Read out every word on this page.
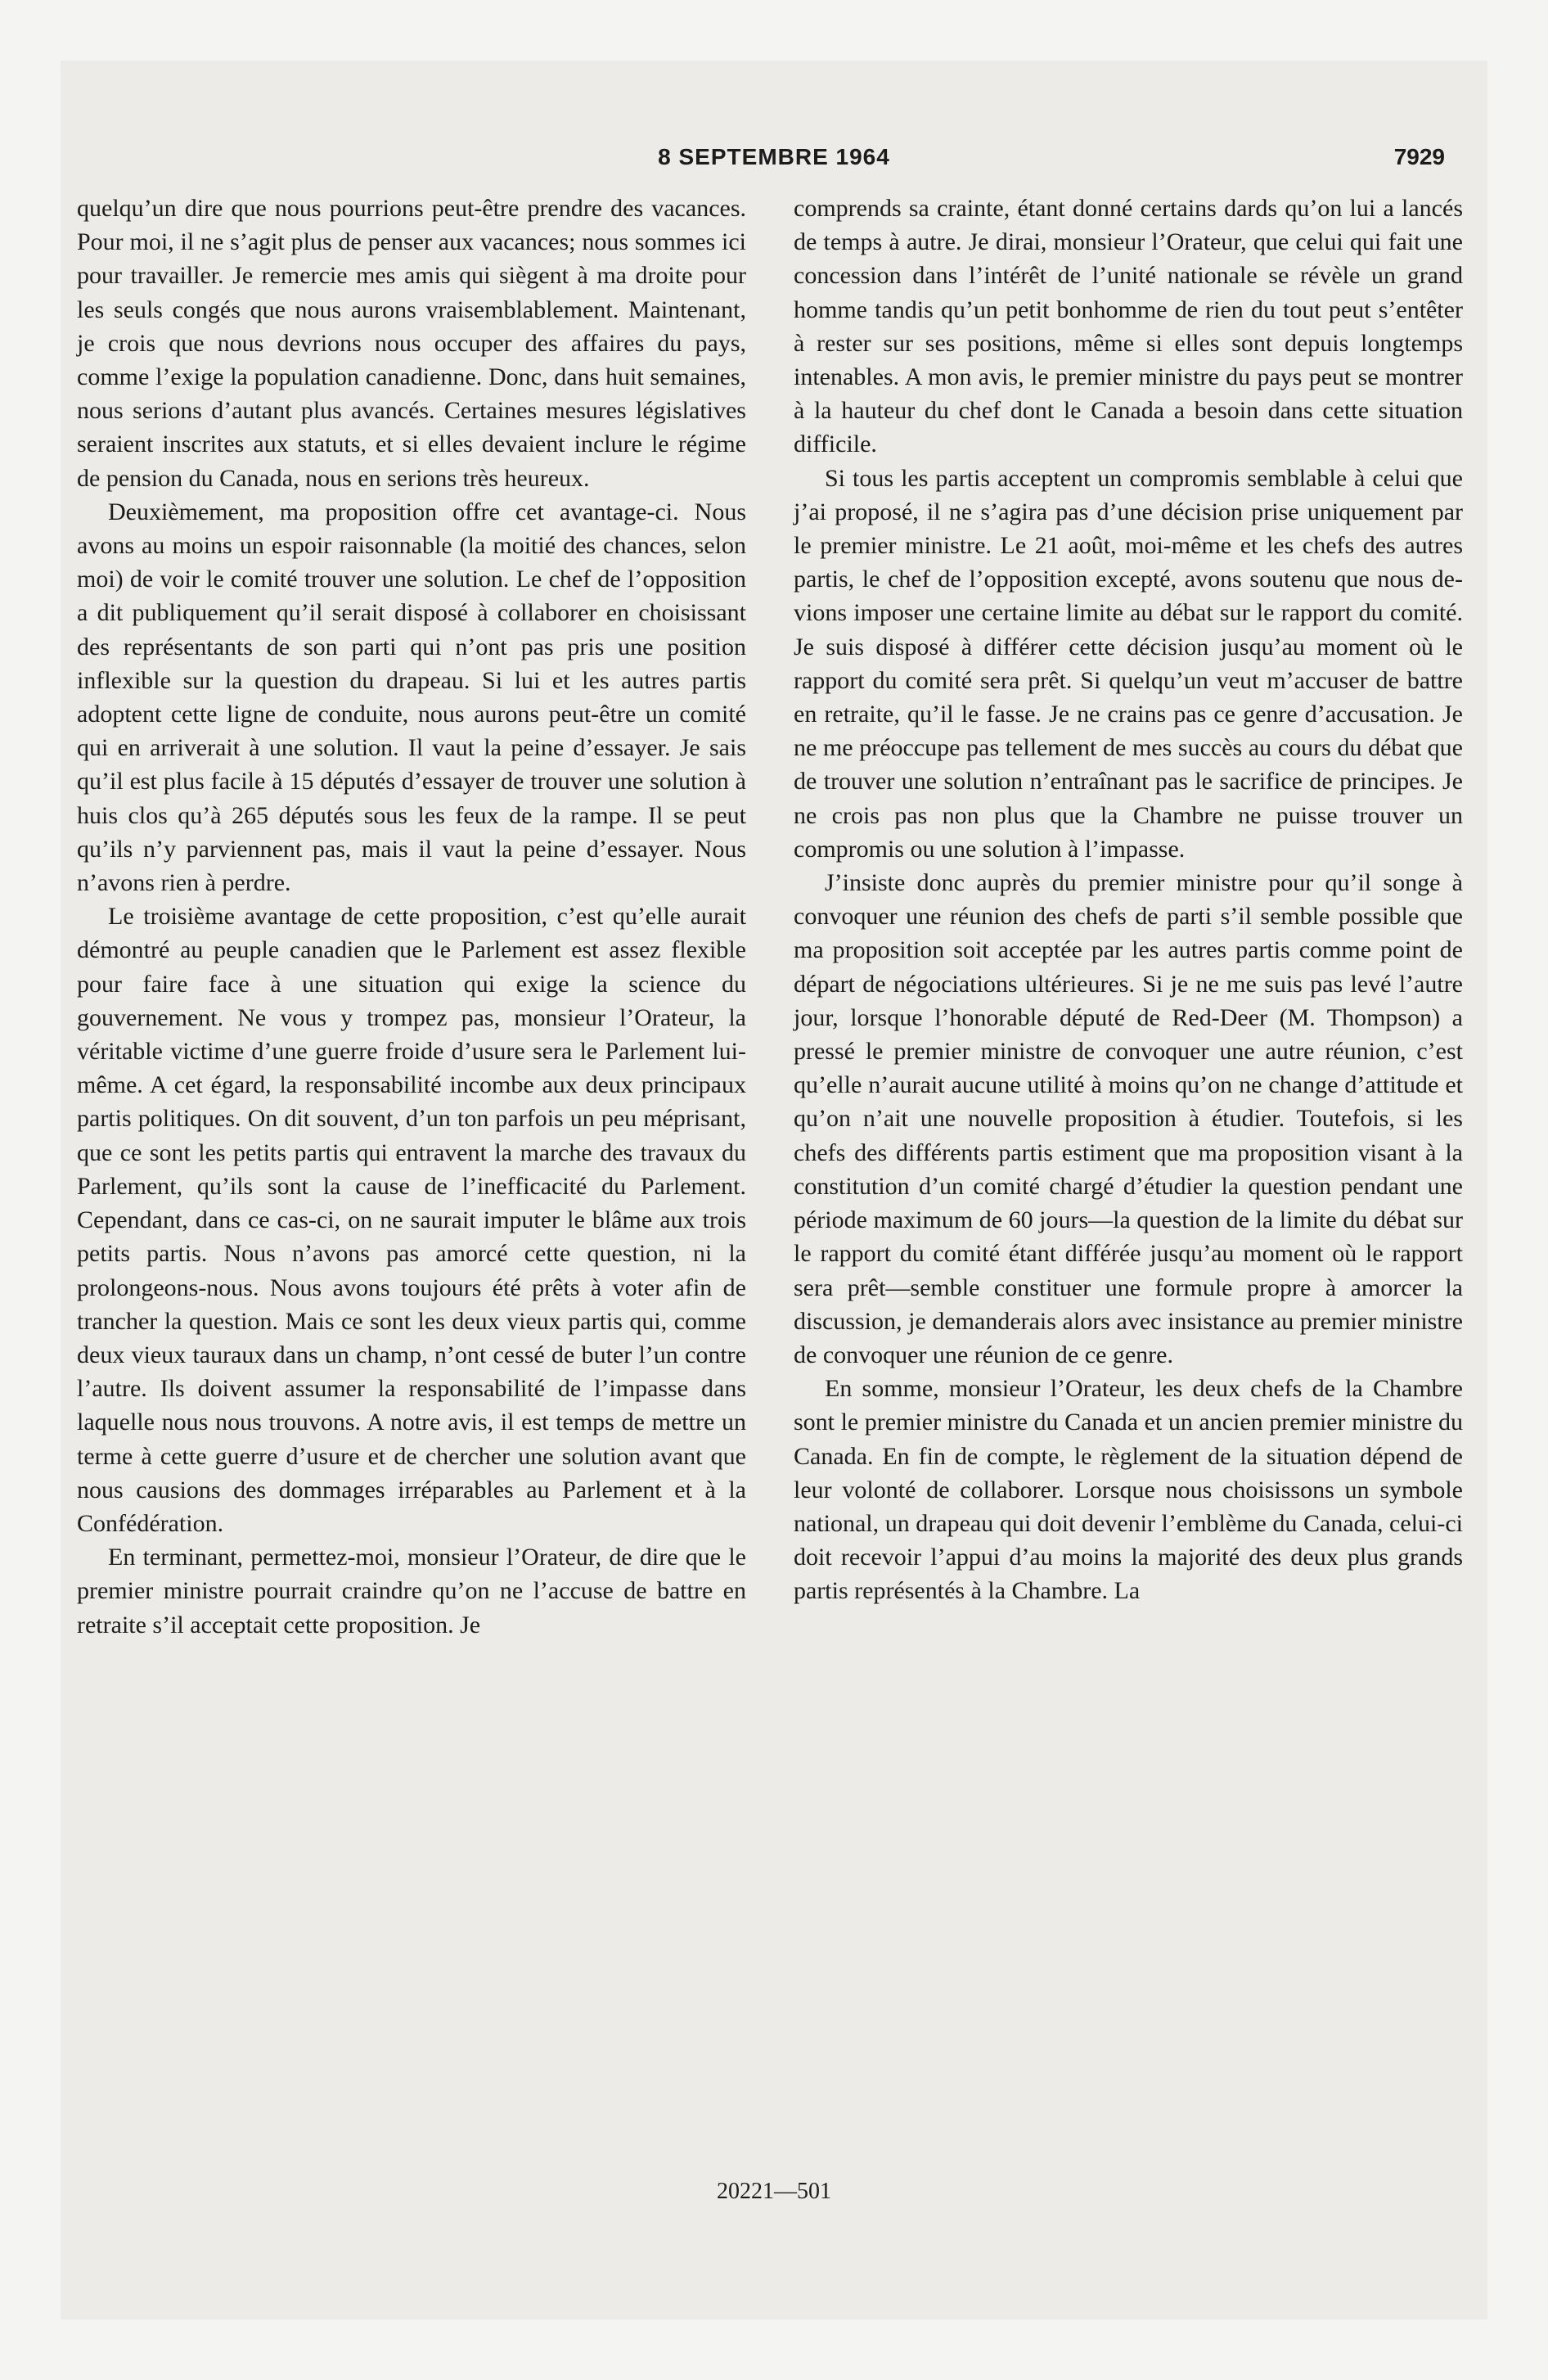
8 SEPTEMBRE 1964	7929

quelqu’un dire que nous pourrions peut-être prendre des vacances. Pour moi, il ne s’agit plus de penser aux vacances; nous sommes ici pour travailler. Je remercie mes amis qui siègent à ma droite pour les seuls congés que nous aurons vraisemblablement. Maintenant, je crois que nous devrions nous occuper des affaires du pays, comme l’exige la population canadienne. Donc, dans huit semaines, nous serions d’autant plus avancés. Certaines mesures législatives seraient inscrites aux statuts, et si elles devaient inclure le régime de pension du Canada, nous en serions très heureux.

Deuxièmement, ma proposition offre cet avantage-ci. Nous avons au moins un espoir raisonnable (la moitié des chances, selon moi) de voir le comité trouver une solution. Le chef de l’opposition a dit publiquement qu’il serait disposé à collaborer en choisissant des représentants de son parti qui n’ont pas pris une position inflexible sur la question du drapeau. Si lui et les autres partis adoptent cette ligne de conduite, nous aurons peut-être un comité qui en arriverait à une solution. Il vaut la peine d’essayer. Je sais qu’il est plus facile à 15 députés d’essayer de trouver une solution à huis clos qu’à 265 députés sous les feux de la rampe. Il se peut qu’ils n’y parviennent pas, mais il vaut la peine d’essayer. Nous n’avons rien à perdre.

Le troisième avantage de cette proposition, c’est qu’elle aurait démontré au peuple canadien que le Parlement est assez flexible pour faire face à une situation qui exige la science du gouvernement. Ne vous y trompez pas, monsieur l’Orateur, la véritable victime d’une guerre froide d’usure sera le Parlement lui-même. A cet égard, la responsabilité incombe aux deux principaux partis politiques. On dit souvent, d’un ton parfois un peu méprisant, que ce sont les petits partis qui entravent la marche des travaux du Parlement, qu’ils sont la cause de l’inefficacité du Parlement. Cependant, dans ce cas-ci, on ne saurait imputer le blâme aux trois petits partis. Nous n’avons pas amorcé cette question, ni la prolongeons-nous. Nous avons toujours été prêts à voter afin de trancher la question. Mais ce sont les deux vieux partis qui, comme deux vieux tauraux dans un champ, n’ont cessé de buter l’un contre l’autre. Ils doivent assumer la responsabilité de l’impasse dans laquelle nous nous trouvons. A notre avis, il est temps de mettre un terme à cette guerre d’usure et de chercher une solution avant que nous causions des dommages irréparables au Parlement et à la Confédération.

En terminant, permettez-moi, monsieur l’Orateur, de dire que le premier ministre pourrait craindre qu’on ne l’accuse de battre en retraite s’il acceptait cette proposition. Je

comprends sa crainte, étant donné certains dards qu’on lui a lancés de temps à autre. Je dirai, monsieur l’Orateur, que celui qui fait une concession dans l’intérêt de l’unité nationale se révèle un grand homme tandis qu’un petit bonhomme de rien du tout peut s’entêter à rester sur ses positions, même si elles sont depuis longtemps intenables. A mon avis, le premier ministre du pays peut se montrer à la hauteur du chef dont le Canada a besoin dans cette situation difficile.

Si tous les partis acceptent un compromis semblable à celui que j’ai proposé, il ne s’agira pas d’une décision prise uniquement par le premier ministre. Le 21 août, moi-même et les chefs des autres partis, le chef de l’opposition excepté, avons soutenu que nous devions imposer une certaine limite au débat sur le rapport du comité. Je suis disposé à différer cette décision jusqu’au moment où le rapport du comité sera prêt. Si quelqu’un veut m’accuser de battre en retraite, qu’il le fasse. Je ne crains pas ce genre d’accusation. Je ne me préoccupe pas tellement de mes succès au cours du débat que de trouver une solution n’entraînant pas le sacrifice de principes. Je ne crois pas non plus que la Chambre ne puisse trouver un compromis ou une solution à l’impasse.

J’insiste donc auprès du premier ministre pour qu’il songe à convoquer une réunion des chefs de parti s’il semble possible que ma proposition soit acceptée par les autres partis comme point de départ de négociations ultérieures. Si je ne me suis pas levé l’autre jour, lorsque l’honorable député de Red-Deer (M. Thompson) a pressé le premier ministre de convoquer une autre réunion, c’est qu’elle n’aurait aucune utilité à moins qu’on ne change d’attitude et qu’on n’ait une nouvelle proposition à étudier. Toutefois, si les chefs des différents partis estiment que ma proposition visant à la constitution d’un comité chargé d’étudier la question pendant une période maximum de 60 jours—la question de la limite du débat sur le rapport du comité étant différée jusqu’au moment où le rapport sera prêt—semble constituer une formule propre à amorcer la discussion, je demanderais alors avec insistance au premier ministre de convoquer une réunion de ce genre.

En somme, monsieur l’Orateur, les deux chefs de la Chambre sont le premier ministre du Canada et un ancien premier ministre du Canada. En fin de compte, le règlement de la situation dépend de leur volonté de collaborer. Lorsque nous choisissons un symbole national, un drapeau qui doit devenir l’emblème du Canada, celui-ci doit recevoir l’appui d’au moins la majorité des deux plus grands partis représentés à la Chambre. La

20221—501
